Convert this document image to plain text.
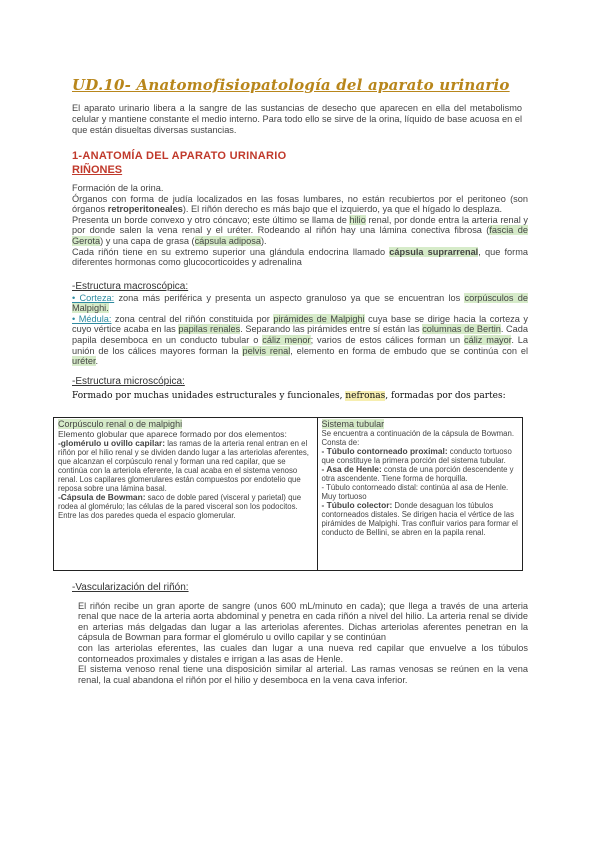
UD.10- Anatomofisiopatología del aparato urinario
El aparato urinario libera a la sangre de las sustancias de desecho que aparecen en ella del metabolismo celular y mantiene constante el medio interno. Para todo ello se sirve de la orina, líquido de base acuosa en el que están disueltas diversas sustancias.
1-ANATOMÍA DEL APARATO URINARIO
RIÑONES
Formación de la orina.
Órganos con forma de judía localizados en las fosas lumbares, no están recubiertos por el peritoneo (son órganos retroperitoneales). El riñón derecho es más bajo que el izquierdo, ya que el hígado lo desplaza.
Presenta un borde convexo y otro cóncavo; este último se llama de hilio renal, por donde entra la arteria renal y por donde salen la vena renal y el uréter. Rodeando al riñón hay una lámina conectiva fibrosa (fascia de Gerota) y una capa de grasa (cápsula adiposa).
Cada riñón tiene en su extremo superior una glándula endocrina llamado cápsula suprarrenal, que forma diferentes hormonas como glucocorticoides y adrenalina
-Estructura macroscópica:
• Corteza: zona más periférica y presenta un aspecto granuloso ya que se encuentran los corpúsculos de Malpighi.
• Médula: zona central del riñón constituida por pirámides de Malpighi cuya base se dirige hacia la corteza y cuyo vértice acaba en las papilas renales. Separando las pirámides entre sí están las columnas de Bertin. Cada papila desemboca en un conducto tubular o cáliz menor; varios de estos cálices forman un cáliz mayor. La unión de los cálices mayores forman la pelvis renal, elemento en forma de embudo que se continúa con el uréter.
-Estructura microscópica:
Formado por muchas unidades estructurales y funcionales, nefronas, formadas por dos partes:
Corpúsculo renal o de malpighi
Elemento globular que aparece formado por dos elementos:
-glomérulo u ovillo capilar: las ramas de la arteria renal entran en el riñón por el hilio renal y se dividen dando lugar a las arteriolas aferentes, que alcanzan el corpúsculo renal y forman una red capilar, que se continúa con la arteriola eferente, la cual acaba en el sistema venoso renal. Los capilares glomerulares están compuestos por endotelio que reposa sobre una lámina basal.
-Cápsula de Bowman: saco de doble pared (visceral y parietal) que rodea al glomérulo; las células de la pared visceral son los podocitos. Entre las dos paredes queda el espacio glomerular.

Sistema tubular
Se encuentra a continuación de la cápsula de Bowman. Consta de:
- Túbulo contorneado proximal: conducto tortuoso que constituye la primera porción del sistema tubular.
- Asa de Henle: consta de una porción descendente y otra ascendente. Tiene forma de horquilla.
- Túbulo contorneado distal: continúa al asa de Henle. Muy tortuoso
- Túbulo colector: Donde desaguan los túbulos contorneados distales. Se dirigen hacia el vértice de las pirámides de Malpighi. Tras confluir varios para formar el conducto de Bellini, se abren en la papila renal.
-Vascularización del riñón:
El riñón recibe un gran aporte de sangre (unos 600 mL/minuto en cada); que llega a través de una arteria renal que nace de la arteria aorta abdominal y penetra en cada riñón a nivel del hilio. La arteria renal se divide en arterias más delgadas dan lugar a las arteriolas aferentes. Dichas arteriolas aferentes penetran en la cápsula de Bowman para formar el glomérulo u ovillo capilar y se continúan
con las arteriolas eferentes, las cuales dan lugar a una nueva red capilar que envuelve a los túbulos contorneados proximales y distales e irrigan a las asas de Henle.
El sistema venoso renal tiene una disposición similar al arterial. Las ramas venosas se reúnen en la vena renal, la cual abandona el riñón por el hilio y desemboca en la vena cava inferior.
